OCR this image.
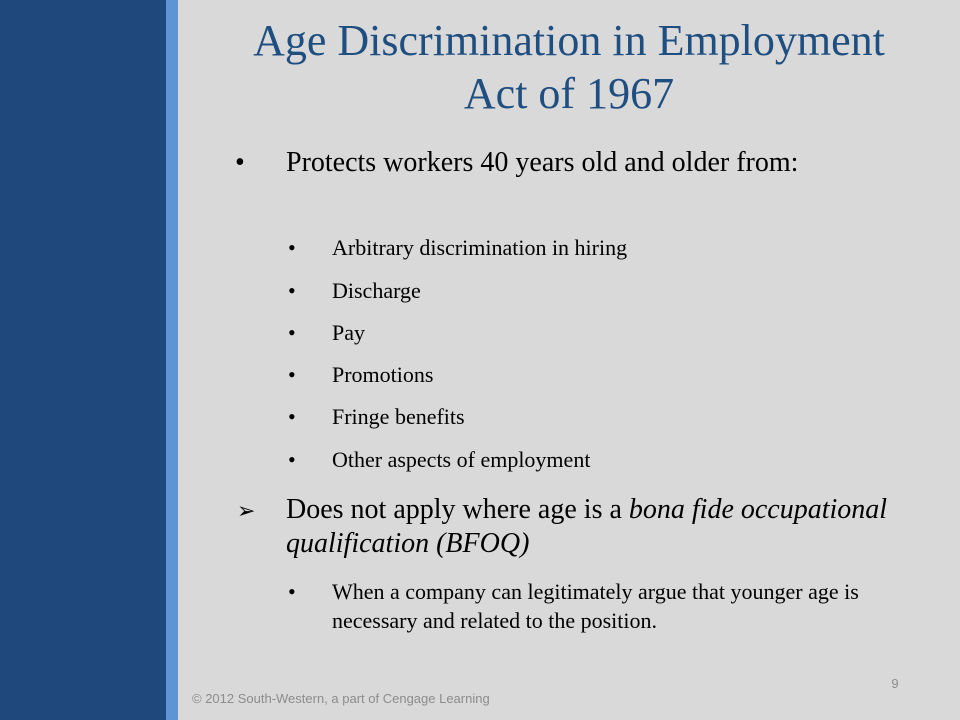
Age Discrimination in Employment
Act of 1967
•	Protects workers 40 years old and older from:
•	Arbitrary discrimination in hiring
•	Discharge
•	Pay
•	Promotions
•	Fringe benefits
•	Other aspects of employment
➢	Does not apply where age is a bona fide occupational qualification (BFOQ)
•	When a company can legitimately argue that younger age is necessary and related to the position.
9
© 2012 South-Western, a part of Cengage Learning
